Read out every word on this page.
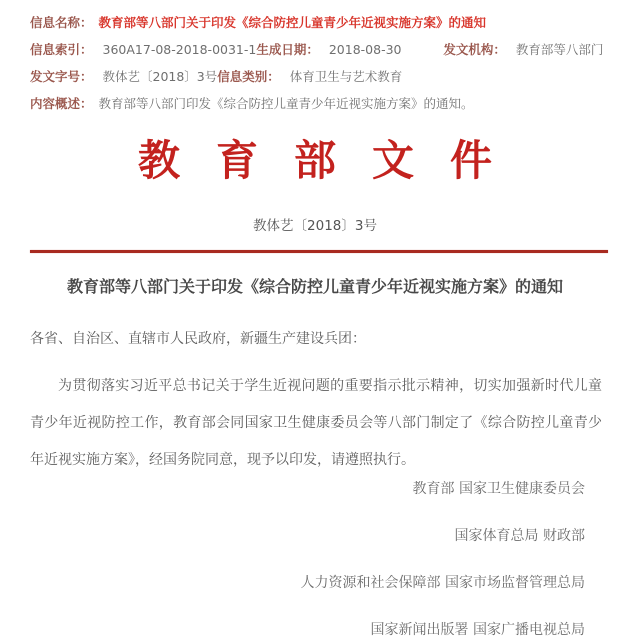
信息名称： 教育部等八部门关于印发《综合防控儿童青少年近视实施方案》的通知
信息索引： 360A17-08-2018-0031-1 生成日期： 2018-08-30	发文机构： 教育部等八部门
发文字号： 教体艺〔2018〕3号 信息类别： 体育卫生与艺术教育
内容概述： 教育部等八部门印发《综合防控儿童青少年近视实施方案》的通知。
教育部文件
教体艺〔2018〕3号
教育部等八部门关于印发《综合防控儿童青少年近视实施方案》的通知
各省、自治区、直辖市人民政府，新疆生产建设兵团：
为贯彻落实习近平总书记关于学生近视问题的重要指示批示精神，切实加强新时代儿童青少年近视防控工作，教育部会同国家卫生健康委员会等八部门制定了《综合防控儿童青少年近视实施方案》，经国务院同意，现予以印发，请遵照执行。
教育部 国家卫生健康委员会
国家体育总局 财政部
人力资源和社会保障部 国家市场监督管理总局
国家新闻出版署 国家广播电视总局
